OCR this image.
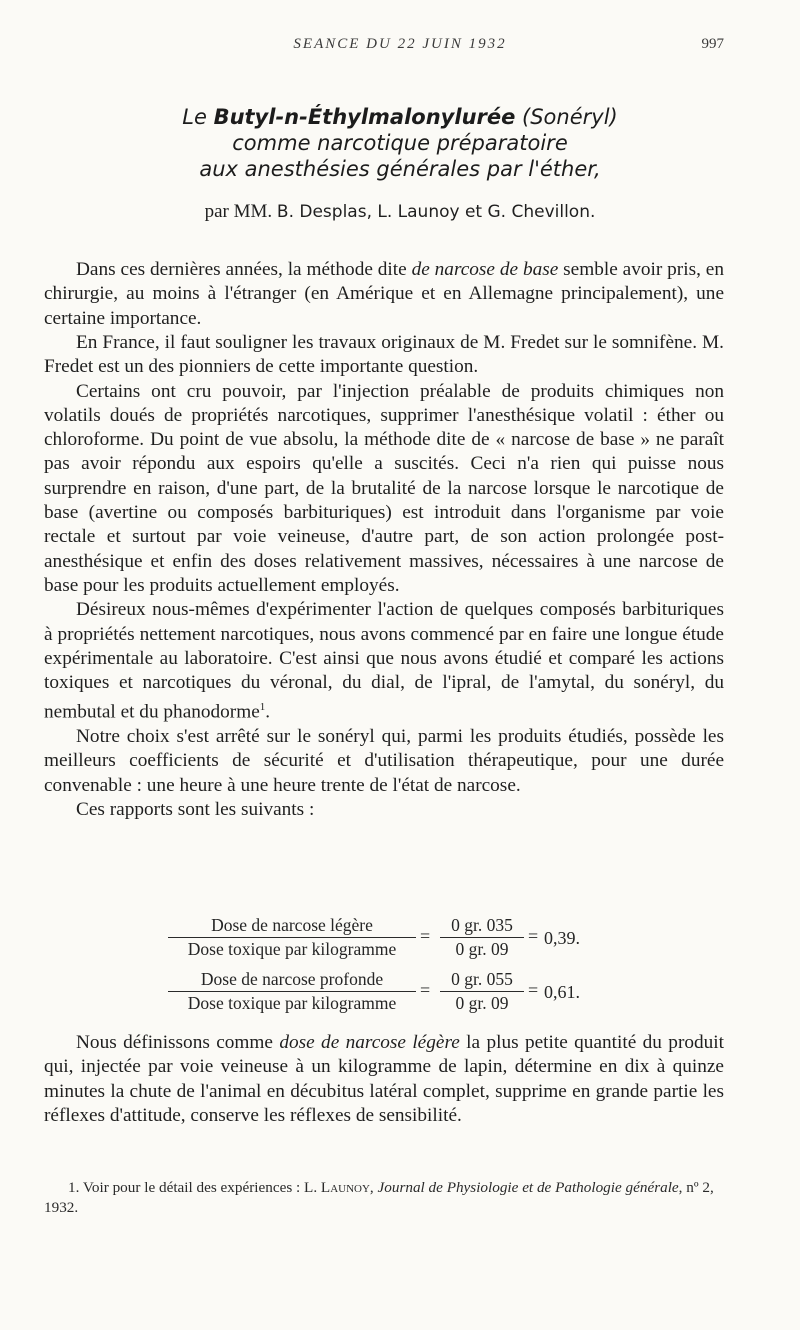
SEANCE DU 22 JUIN 1932	997
Le Butyl-n-Éthylmalonylurée (Sonéryl)
comme narcotique préparatoire
aux anesthésies générales par l'éther,
par MM. B. Desplas, L. Launoy et G. Chevillon.

Dans ces dernières années, la méthode dite de narcose de base semble avoir pris, en chirurgie, au moins à l'étranger (en Amérique et en Allemagne principalement), une certaine importance.

En France, il faut souligner les travaux originaux de M. Fredet sur le somnifène. M. Fredet est un des pionniers de cette importante question.

Certains ont cru pouvoir, par l'injection préalable de produits chimiques non volatils doués de propriétés narcotiques, supprimer l'anesthésique volatil : éther ou chloroforme. Du point de vue absolu, la méthode dite de « narcose de base » ne paraît pas avoir répondu aux espoirs qu'elle a suscités. Ceci n'a rien qui puisse nous surprendre en raison, d'une part, de la brutalité de la narcose lorsque le narcotique de base (avertine ou composés barbituriques) est introduit dans l'organisme par voie rectale et surtout par voie veineuse, d'autre part, de son action prolongée post-anesthésique et enfin des doses relativement massives, nécessaires à une narcose de base pour les produits actuellement employés.

Désireux nous-mêmes d'expérimenter l'action de quelques composés barbituriques à propriétés nettement narcotiques, nous avons commencé par en faire une longue étude expérimentale au laboratoire. C'est ainsi que nous avons étudié et comparé les actions toxiques et narcotiques du véronal, du dial, de l'ipral, de l'amytal, du sonéryl, du nembutal et du phanodorme$^1$.

Notre choix s'est arrêté sur le sonéryl qui, parmi les produits étudiés, possède les meilleurs coefficients de sécurité et d'utilisation thérapeutique, pour une durée convenable : une heure à une heure trente de l'état de narcose.

Ces rapports sont les suivants :

Dose de narcose légère
Dose toxique par kilogramme
= $\frac{0 gr. 035}{0 gr. 09} = 0,39$.
Dose de narcose profonde
Dose toxique par kilogramme
= $\frac{0 gr. 055}{0 gr. 09} = 0,61$.

Nous définissons comme dose de narcose légère la plus petite quantité du produit qui, injectée par voie veineuse à un kilogramme de lapin, détermine en dix à quinze minutes la chute de l'animal en décubitus latéral complet, supprime en grande partie les réflexes d'attitude, conserve les réflexes de sensibilité.

1. Voir pour le détail des expériences : L. Launoy, Journal de Physiologie et de Pathologie générale, nº 2, 1932.
